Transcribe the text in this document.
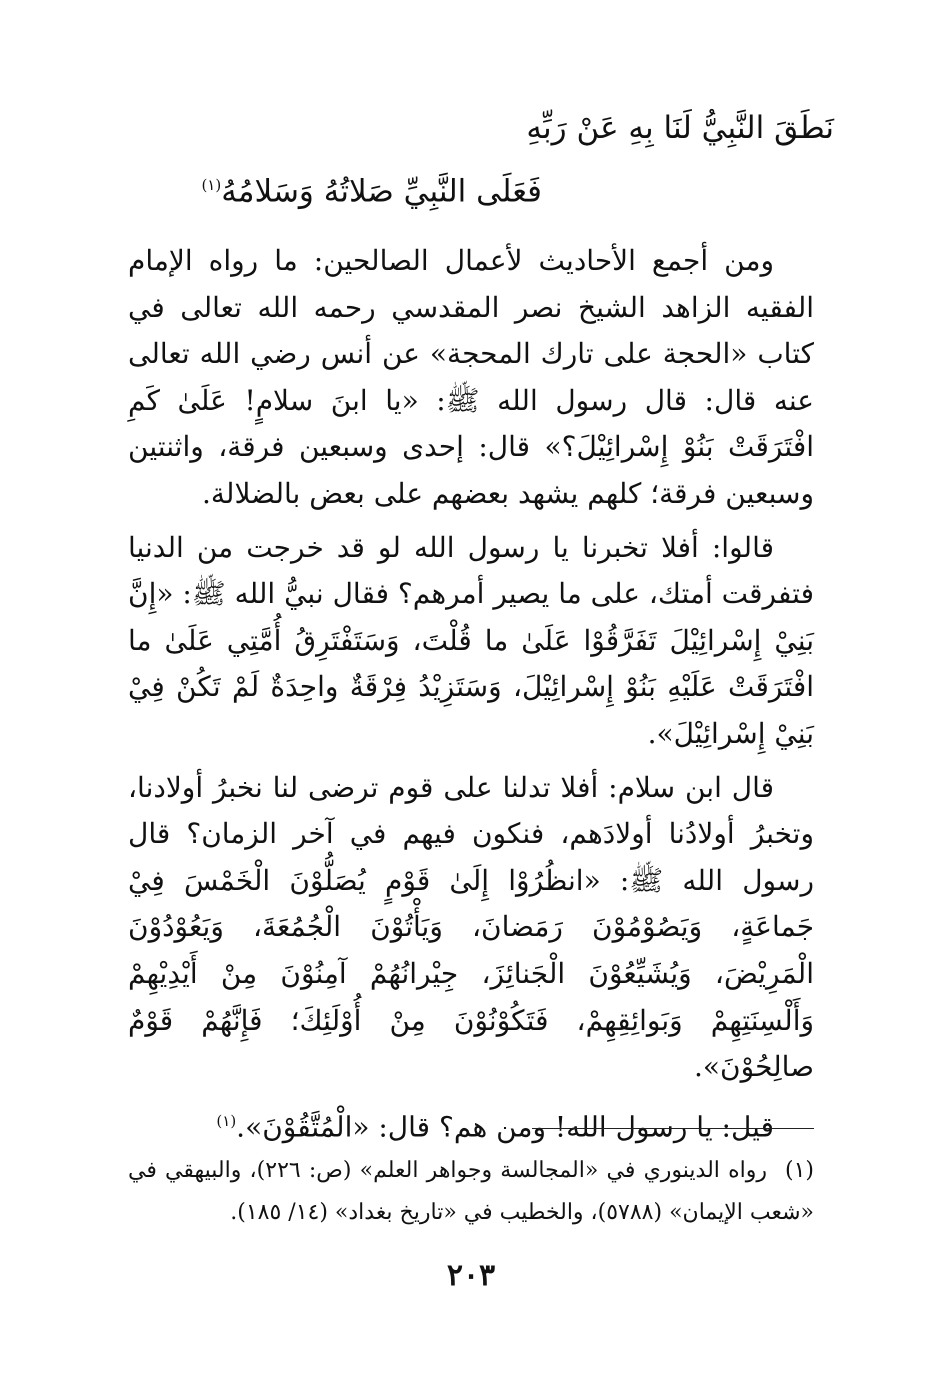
نَطَقَ النَّبِيُّ لَنَا بِهِ عَنْ رَبِّهِ
فَعَلَى النَّبِيِّ صَلاتُهُ وَسَلامُهُ$^{(١)}$

ومن أجمع الأحاديث لأعمال الصالحين: ما رواه الإمام الفقيه الزاهد الشيخ نصر المقدسي رحمه الله تعالى في كتاب «الحجة على تارك المحجة» عن أنس رضي الله تعالى عنه قال: قال رسول الله ﷺ: «يا ابنَ سلامٍ! عَلَىٰ كَمِ افْتَرَقَتْ بَنُوْ إِسْرائِيْلَ؟» قال: إحدى وسبعين فرقة، واثنتين وسبعين فرقة؛ كلهم يشهد بعضهم على بعض بالضلالة.

قالوا: أفلا تخبرنا يا رسول الله لو قد خرجت من الدنيا فتفرقت أمتك، على ما يصير أمرهم؟ فقال نبيُّ الله ﷺ: «إِنَّ بَنِيْ إِسْرائِيْلَ تَفَرَّقُوْا عَلَىٰ ما قُلْتَ، وَسَتَفْتَرِقُ أُمَّتِي عَلَىٰ ما افْتَرَقَتْ عَلَيْهِ بَنُوْ إِسْرائِيْلَ، وَسَتَزِيْدُ فِرْقَةٌ واحِدَةٌ لَمْ تَكُنْ فِيْ بَنِيْ إِسْرائِيْلَ».

قال ابن سلام: أفلا تدلنا على قوم ترضى لنا نخبرُ أولادنا، وتخبرُ أولادُنا أولادَهم، فنكون فيهم في آخر الزمان؟ قال رسول الله ﷺ: «انظُرُوْا إِلَىٰ قَوْمٍ يُصَلُّوْنَ الْخَمْسَ فِيْ جَماعَةٍ، وَيَصُوْمُوْنَ رَمَضانَ، وَيَأْتُوْنَ الْجُمُعَةَ، وَيَعُوْدُوْنَ الْمَرِيْضَ، وَيُشَيِّعُوْنَ الْجَنائِزَ، جِيْرانُهُمْ آمِنُوْنَ مِنْ أَيْدِيْهِمْ وَأَلْسِنَتِهِمْ وَبَوائِقِهِمْ، فَتَكُوْنُوْنَ مِنْ أُوْلَئِكَ؛ فَإِنَّهُمْ قَوْمٌ صالِحُوْنَ».

قيل: يا رسول الله! ومن هم؟ قال: «الْمُتَّقُوْنَ».$^{(١)}$

(١)رواه الدينوري في «المجالسة وجواهر العلم» (ص: ٢٢٦)، والبيهقي في «شعب الإيمان» (٥٧٨٨)، والخطيب في «تاريخ بغداد» (١٤/ ١٨٥).
٢٠٣
